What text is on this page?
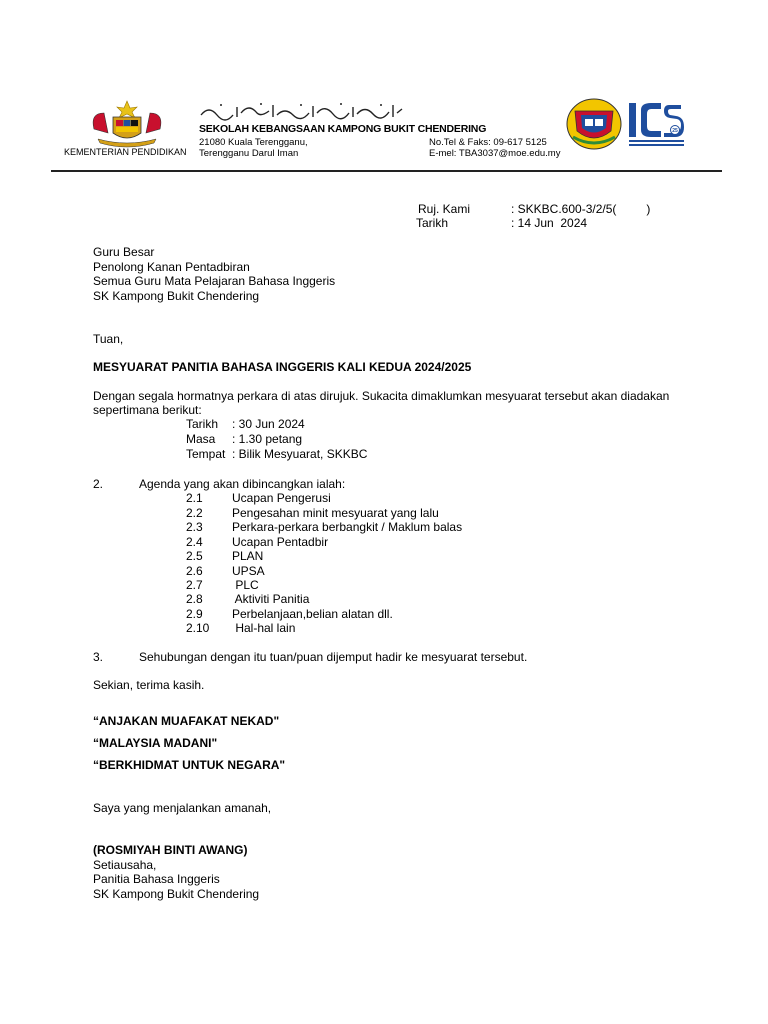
KEMENTERIAN PENDIDIKAN
SEKOLAH KEBANGSAAN KAMPONG BUKIT CHENDERING
21080 Kuala Terengganu,
Terengganu Darul Iman
No.Tel & Faks: 09-617 5125
E-mel: TBA3037@moe.edu.my
25
Ruj. Kami	: SKKBC.600-3/2/5(         )
Tarikh	: 14 Jun  2024
Guru Besar
Penolong Kanan Pentadbiran
Semua Guru Mata Pelajaran Bahasa Inggeris
SK Kampong Bukit Chendering
Tuan,
MESYUARAT PANITIA BAHASA INGGERIS KALI KEDUA 2024/2025
Dengan segala hormatnya perkara di atas dirujuk. Sukacita dimaklumkan mesyuarat tersebut akan diadakan
sepertimana berikut:
Tarikh : 30 Jun 2024
Masa : 1.30 petang
Tempat : Bilik Mesyuarat, SKKBC
2.	Agenda yang akan dibincangkan ialah:
2.1 Ucapan Pengerusi
2.2 Pengesahan minit mesyuarat yang lalu
2.3 Perkara-perkara berbangkit / Maklum balas
2.4 Ucapan Pentadbir
2.5 PLAN
2.6 UPSA
2.7 PLC
2.8 Aktiviti Panitia
2.9 Perbelanjaan,belian alatan dll.
2.10 Hal-hal lain
3.	Sehubungan dengan itu tuan/puan dijemput hadir ke mesyuarat tersebut.
Sekian, terima kasih.
“ANJAKAN MUAFAKAT NEKAD"
“MALAYSIA MADANI"
“BERKHIDMAT UNTUK NEGARA"
Saya yang menjalankan amanah,
(ROSMIYAH BINTI AWANG)
Setiausaha,
Panitia Bahasa Inggeris
SK Kampong Bukit Chendering
